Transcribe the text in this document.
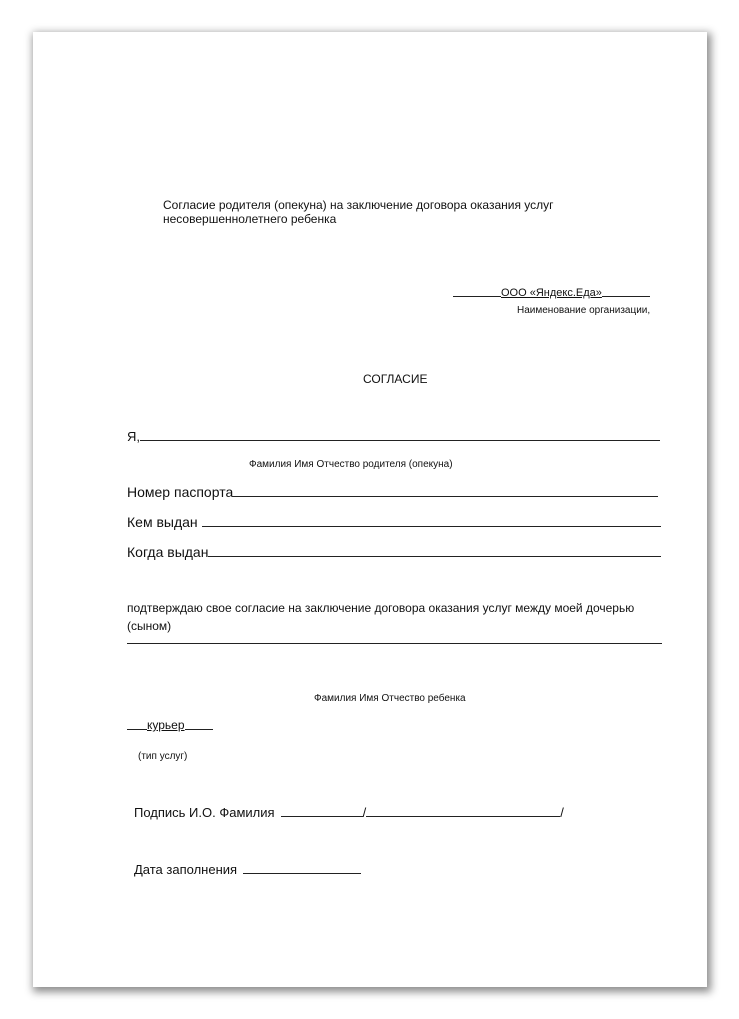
Согласие родителя (опекуна) на заключение договора оказания услуг
несовершеннолетнего ребенка
ООО «Яндекс.Еда»
Наименование организации,
СОГЛАСИЕ
Я,
Фамилия Имя Отчество родителя (опекуна)
Номер паспорта
Кем выдан
Когда выдан
подтверждаю свое согласие на заключение договора оказания услуг между моей дочерью
(сыном)
Фамилия Имя Отчество ребенка
курьер
(тип услуг)
Подпись И.О. Фамилия	/	/
Дата заполнения
